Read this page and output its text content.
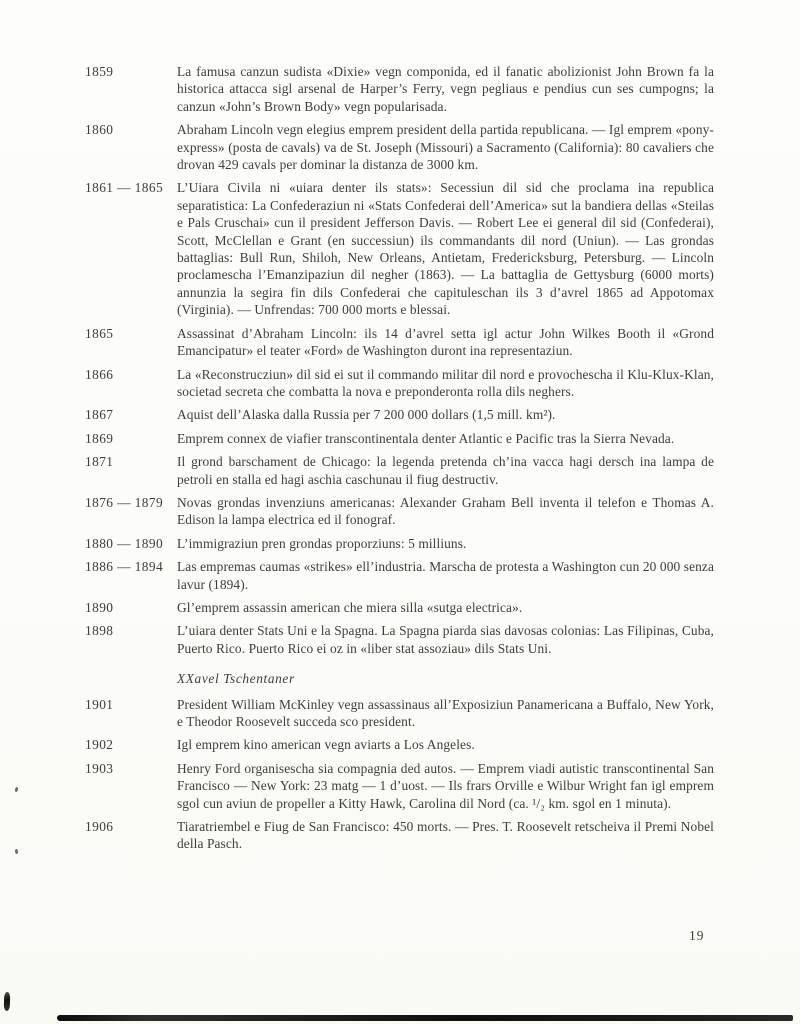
1859	La famusa canzun sudista «Dixie» vegn componida, ed il fanatic abolizionist John Brown fa la historica attacca sigl arsenal de Harper’s Ferry, vegn pegliaus e pendius cun ses cumpogns; la canzun «John’s Brown Body» vegn popularisada.

1860	Abraham Lincoln vegn elegius emprem president della partida republicana. — Igl emprem «pony-express» (posta de cavals) va de St. Joseph (Missouri) a Sacramento (California): 80 cavaliers che drovan 429 cavals per dominar la distanza de 3000 km.

1861 — 1865	L’Uiara Civila ni «uiara denter ils stats»: Secessiun dil sid che proclama ina republica separatistica: La Confederaziun ni «Stats Confederai dell’America» sut la bandiera dellas «Steilas e Pals Cruschai» cun il president Jefferson Davis. — Robert Lee ei general dil sid (Confederai), Scott, McClellan e Grant (en successiun) ils commandants dil nord (Uniun). — Las grondas battaglias: Bull Run, Shiloh, New Orleans, Antietam, Fredericksburg, Petersburg. — Lincoln proclamescha l’Emanzipaziun dil negher (1863). — La battaglia de Gettysburg (6000 morts) annunzia la segira fin dils Confederai che capituleschan ils 3 d’avrel 1865 ad Appotomax (Virginia). — Unfrendas: 700 000 morts e blessai.

1865	Assassinat d’Abraham Lincoln: ils 14 d’avrel setta igl actur John Wilkes Booth il «Grond Emancipatur» el teater «Ford» de Washington duront ina representaziun.

1866	La «Reconstrucziun» dil sid ei sut il commando militar dil nord e provochescha il Klu-Klux-Klan, societad secreta che combatta la nova e preponderonta rolla dils neghers.

1867	Aquist dell’Alaska dalla Russia per 7 200 000 dollars (1,5 mill. km²).

1869	Emprem connex de viafier transcontinentala denter Atlantic e Pacific tras la Sierra Nevada.

1871	Il grond barschament de Chicago: la legenda pretenda ch’ina vacca hagi dersch ina lampa de petroli en stalla ed hagi aschia caschunau il fiug destructiv.

1876 — 1879	Novas grondas invenziuns americanas: Alexander Graham Bell inventa il telefon e Thomas A. Edison la lampa electrica ed il fonograf.

1880 — 1890	L’immigraziun pren grondas proporziuns: 5 milliuns.

1886 — 1894	Las empremas caumas «strikes» ell’industria. Marscha de protesta a Washington cun 20 000 senza lavur (1894).

1890	Gl’emprem assassin american che miera silla «sutga electrica».

1898	L’uiara denter Stats Uni e la Spagna. La Spagna piarda sias davosas colonias: Las Filipinas, Cuba, Puerto Rico. Puerto Rico ei oz in «liber stat assoziau» dils Stats Uni.

XXavel Tschentaner
1901	President William McKinley vegn assassinaus all’Exposiziun Panamericana a Buffalo, New York, e Theodor Roosevelt succeda sco president.

1902	Igl emprem kino american vegn aviarts a Los Angeles.

1903	Henry Ford organisescha sia compagnia ded autos. — Emprem viadi autistic transcontinental San Francisco — New York: 23 matg — 1 d’uost. — Ils frars Orville e Wilbur Wright fan igl emprem sgol cun aviun de propeller a Kitty Hawk, Carolina dil Nord (ca. ¹/₂ km. sgol en 1 minuta).

1906	Tiaratriembel e Fiug de San Francisco: 450 morts. — Pres. T. Roosevelt retscheiva il Premi Nobel della Pasch.

19
